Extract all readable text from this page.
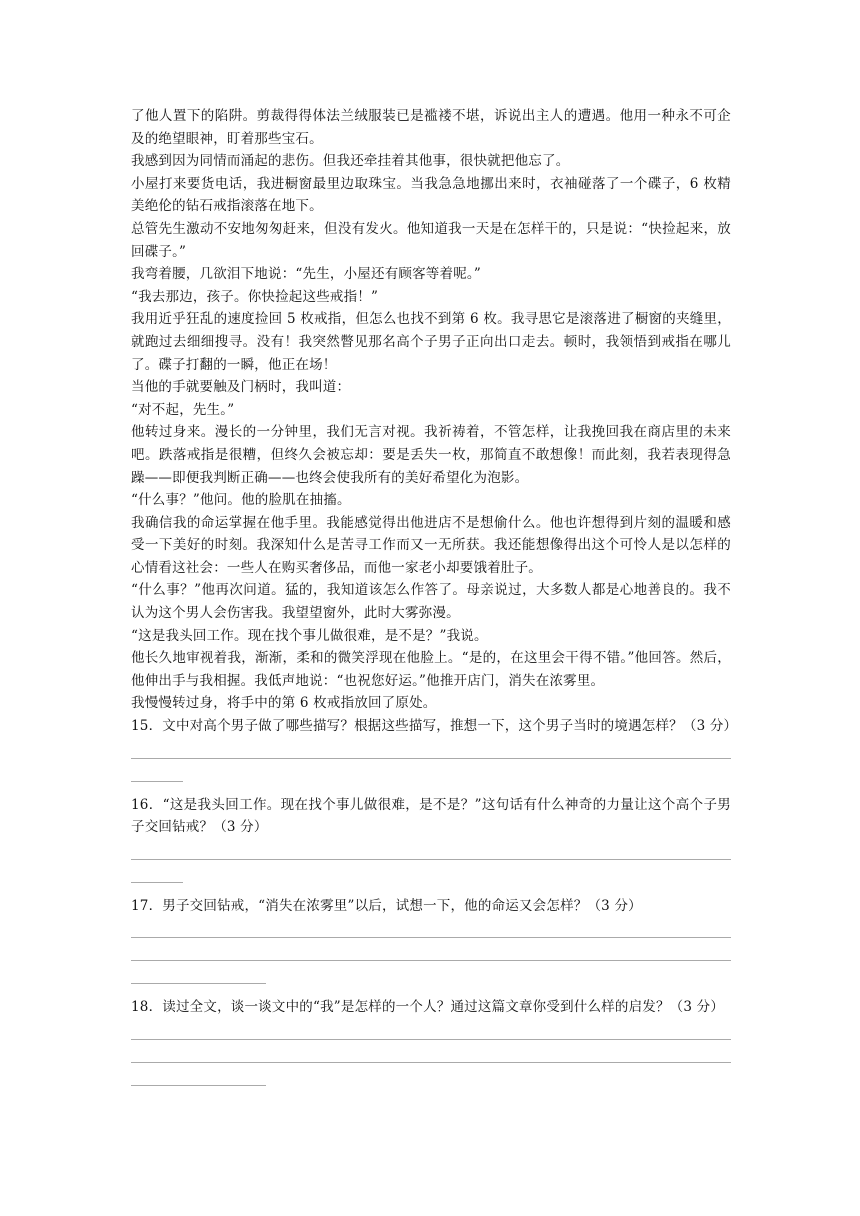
了他人置下的陷阱。剪裁得得体法兰绒服装已是褴褛不堪，诉说出主人的遭遇。他用一种永不可企及的绝望眼神，盯着那些宝石。

我感到因为同情而涌起的悲伤。但我还牵挂着其他事，很快就把他忘了。

小屋打来要货电话，我进橱窗最里边取珠宝。当我急急地挪出来时，衣袖碰落了一个碟子，6 枚精美绝伦的钻石戒指滚落在地下。

总管先生激动不安地匆匆赶来，但没有发火。他知道我一天是在怎样干的，只是说：“快捡起来，放回碟子。”

我弯着腰，几欲泪下地说：“先生，小屋还有顾客等着呢。”

“我去那边，孩子。你快捡起这些戒指！”

我用近乎狂乱的速度捡回 5 枚戒指，但怎么也找不到第 6 枚。我寻思它是滚落进了橱窗的夹缝里，就跑过去细细搜寻。没有！我突然瞥见那名高个子男子正向出口走去。顿时，我领悟到戒指在哪儿了。碟子打翻的一瞬，他正在场！

当他的手就要触及门柄时，我叫道：

“对不起，先生。”

他转过身来。漫长的一分钟里，我们无言对视。我祈祷着，不管怎样，让我挽回我在商店里的未来吧。跌落戒指是很糟，但终久会被忘却：要是丢失一枚，那简直不敢想像！而此刻，我若表现得急躁——即便我判断正确——也终会使我所有的美好希望化为泡影。

“什么事？”他问。他的脸肌在抽搐。

我确信我的命运掌握在他手里。我能感觉得出他进店不是想偷什么。他也许想得到片刻的温暖和感受一下美好的时刻。我深知什么是苦寻工作而又一无所获。我还能想像得出这个可怜人是以怎样的心情看这社会：一些人在购买奢侈品，而他一家老小却要饿着肚子。

“什么事？”他再次问道。猛的，我知道该怎么作答了。母亲说过，大多数人都是心地善良的。我不认为这个男人会伤害我。我望望窗外，此时大雾弥漫。

“这是我头回工作。现在找个事儿做很难，是不是？”我说。

他长久地审视着我，渐渐，柔和的微笑浮现在他脸上。“是的，在这里会干得不错。”他回答。然后，他伸出手与我相握。我低声地说：“也祝您好运。”他推开店门，消失在浓雾里。

我慢慢转过身，将手中的第 6 枚戒指放回了原处。

15．文中对高个男子做了哪些描写？根据这些描写，推想一下，这个男子当时的境遇怎样？（3 分）

16．“这是我头回工作。现在找个事儿做很难，是不是？”这句话有什么神奇的力量让这个高个子男子交回钻戒？（3 分）

17．男子交回钻戒，“消失在浓雾里”以后，试想一下，他的命运又会怎样？（3 分）

18．读过全文，谈一谈文中的“我”是怎样的一个人？通过这篇文章你受到什么样的启发？（3 分）
